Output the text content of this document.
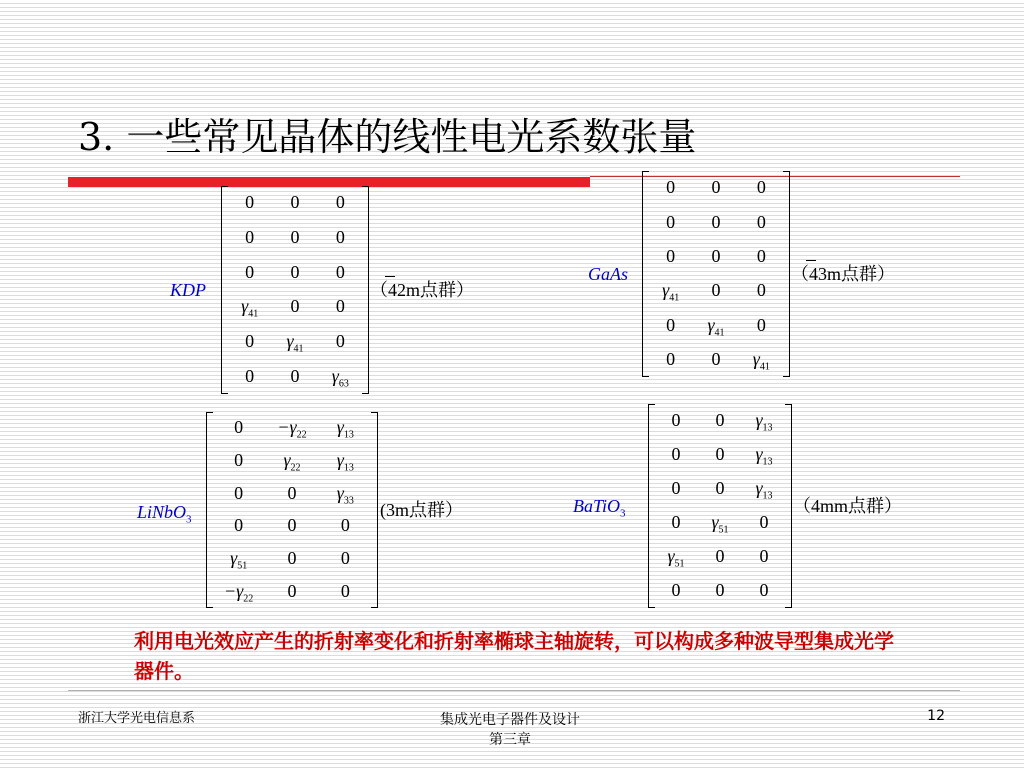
3. 一些常见晶体的线性电光系数张量
KDP
0	0	0
0	0	0
0	0	0
$\gamma_{41}$	0	0
0	$\gamma_{41}$	0
0	0	$\gamma_{63}$
（42m点群）
GaAs
0	0	0
0	0	0
0	0	0
$\gamma_{41}$	0	0
0	$\gamma_{41}$	0
0	0	$\gamma_{41}$
（43m点群）
LiNbO$_3$
0	$-\gamma_{22}$	$\gamma_{13}$
0	$\gamma_{22}$	$\gamma_{13}$
0	0	$\gamma_{33}$
0	0	0
$\gamma_{51}$	0	0
$-\gamma_{22}$	0	0
(3m点群）	BaTiO$_3$
0	0	$\gamma_{13}$
0	0	$\gamma_{13}$
0	0	$\gamma_{13}$
0	$\gamma_{51}$	0
$\gamma_{51}$	0	0
0	0	0
（4mm点群）
利用电光效应产生的折射率变化和折射率椭球主轴旋转，可以构成多种波导型集成光学器件。
浙江大学光电信息系	集成光电子器件及设计
第三章
12
